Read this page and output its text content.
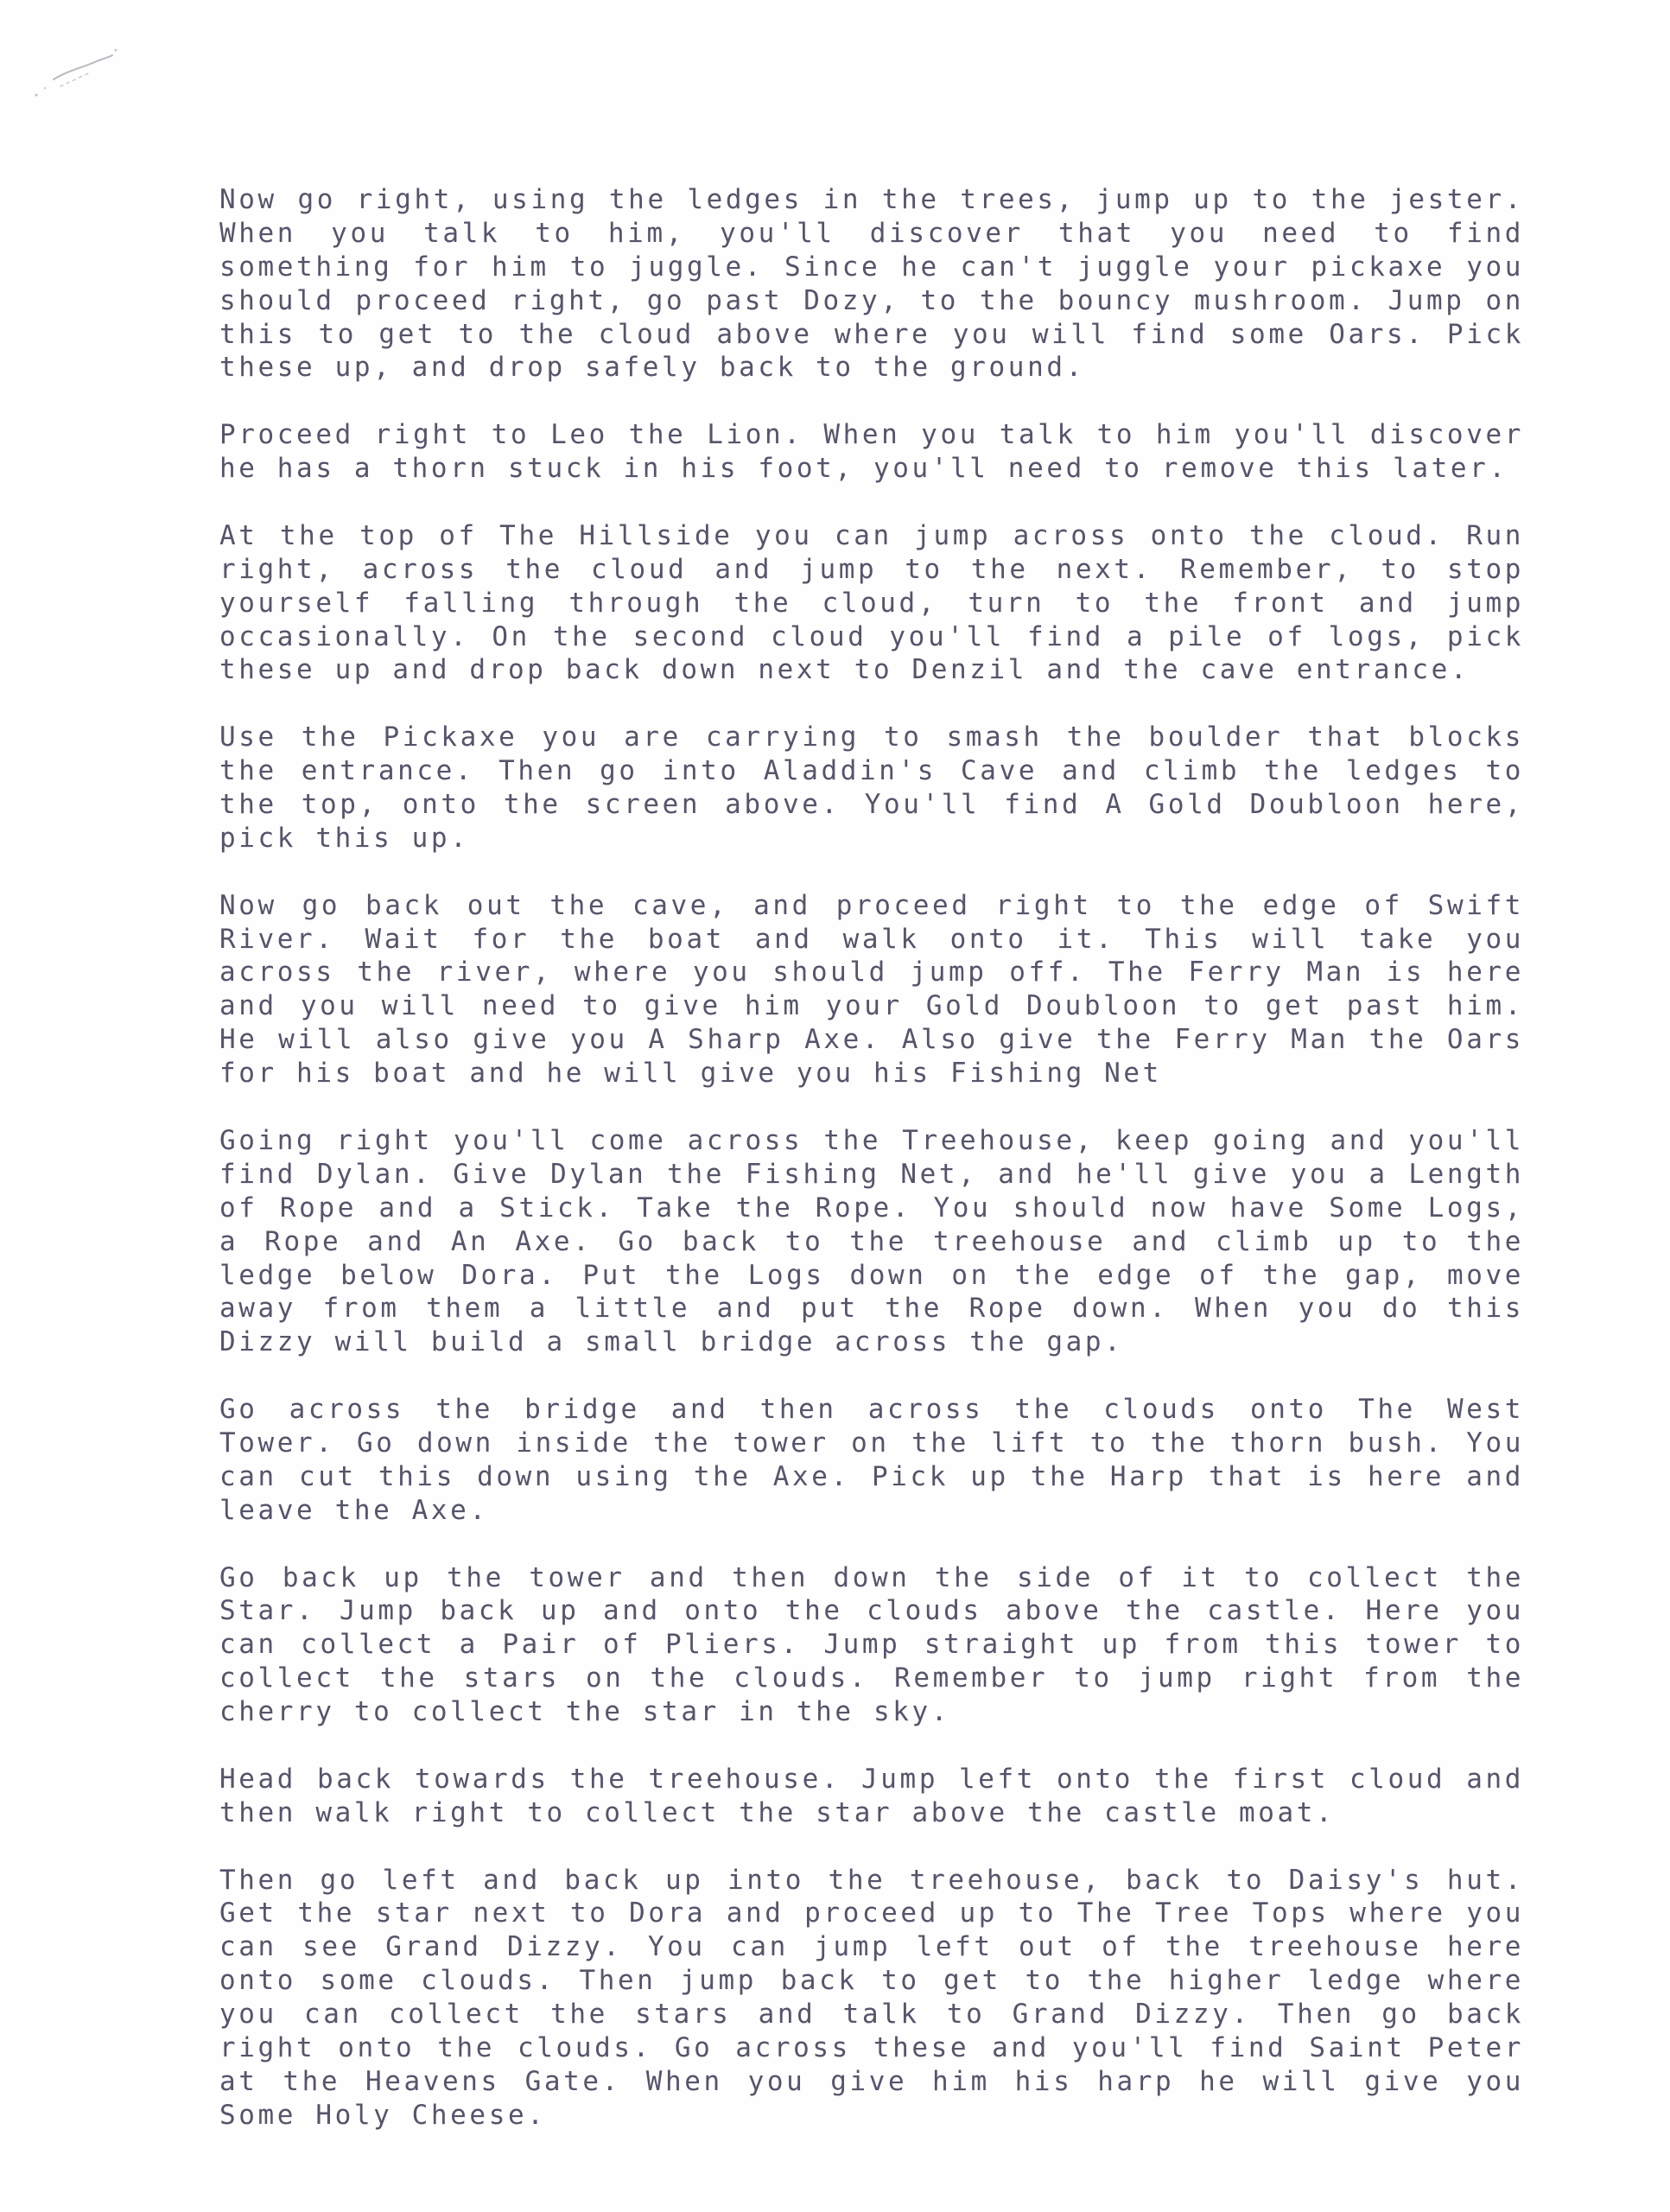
Now go right, using the ledges in the trees, jump up to the jester.
When you talk to him, you'll discover that you need to find
something for him to juggle. Since he can't juggle your pickaxe you
should proceed right, go past Dozy, to the bouncy mushroom. Jump on
this to get to the cloud above where you will find some Oars. Pick
these up, and drop safely back to the ground.
Proceed right to Leo the Lion. When you talk to him you'll discover
he has a thorn stuck in his foot, you'll need to remove this later.
At the top of The Hillside you can jump across onto the cloud. Run
right, across the cloud and jump to the next. Remember, to stop
yourself falling through the cloud, turn to the front and jump
occasionally. On the second cloud you'll find a pile of logs, pick
these up and drop back down next to Denzil and the cave entrance.
Use the Pickaxe you are carrying to smash the boulder that blocks
the entrance. Then go into Aladdin's Cave and climb the ledges to
the top, onto the screen above. You'll find A Gold Doubloon here,
pick this up.
Now go back out the cave, and proceed right to the edge of Swift
River. Wait for the boat and walk onto it. This will take you
across the river, where you should jump off. The Ferry Man is here
and you will need to give him your Gold Doubloon to get past him.
He will also give you A Sharp Axe. Also give the Ferry Man the Oars
for his boat and he will give you his Fishing Net
Going right you'll come across the Treehouse, keep going and you'll
find Dylan. Give Dylan the Fishing Net, and he'll give you a Length
of Rope and a Stick. Take the Rope. You should now have Some Logs,
a Rope and An Axe. Go back to the treehouse and climb up to the
ledge below Dora. Put the Logs down on the edge of the gap, move
away from them a little and put the Rope down. When you do this
Dizzy will build a small bridge across the gap.
Go across the bridge and then across the clouds onto The West
Tower. Go down inside the tower on the lift to the thorn bush. You
can cut this down using the Axe. Pick up the Harp that is here and
leave the Axe.
Go back up the tower and then down the side of it to collect the
Star. Jump back up and onto the clouds above the castle. Here you
can collect a Pair of Pliers. Jump straight up from this tower to
collect the stars on the clouds. Remember to jump right from the
cherry to collect the star in the sky.
Head back towards the treehouse. Jump left onto the first cloud and
then walk right to collect the star above the castle moat.
Then go left and back up into the treehouse, back to Daisy's hut.
Get the star next to Dora and proceed up to The Tree Tops where you
can see Grand Dizzy. You can jump left out of the treehouse here
onto some clouds. Then jump back to get to the higher ledge where
you can collect the stars and talk to Grand Dizzy. Then go back
right onto the clouds. Go across these and you'll find Saint Peter
at the Heavens Gate. When you give him his harp he will give you
Some Holy Cheese.
